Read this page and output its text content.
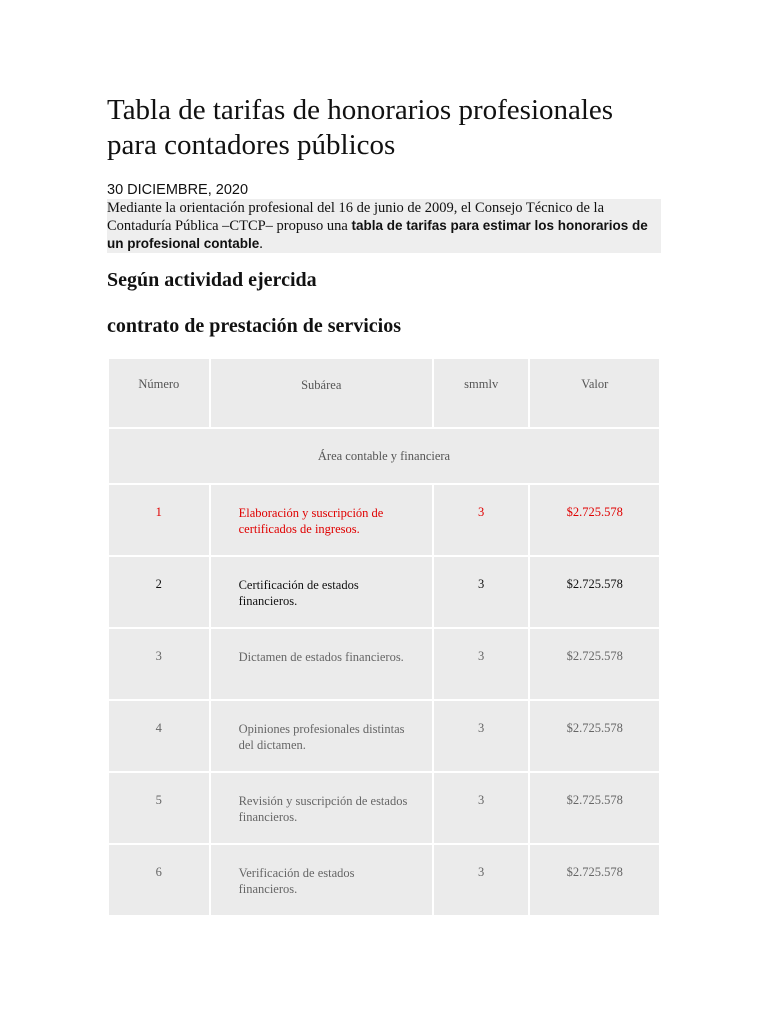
Tabla de tarifas de honorarios profesionales para contadores públicos
30 DICIEMBRE, 2020
Mediante la orientación profesional del 16 de junio de 2009, el Consejo Técnico de la Contaduría Pública –CTCP– propuso una tabla de tarifas para estimar los honorarios de un profesional contable.
Según actividad ejercida
contrato de prestación de servicios
Número	Subárea	smmlv	Valor
Área contable y financiera			
1	Elaboración y suscripción de certificados de ingresos.	3	$2.725.578
2	Certificación de estados financieros.	3	$2.725.578
3	Dictamen de estados financieros.	3	$2.725.578
4	Opiniones profesionales distintas del dictamen.	3	$2.725.578
5	Revisión y suscripción de estados financieros.	3	$2.725.578
6	Verificación de estados financieros.	3	$2.725.578
